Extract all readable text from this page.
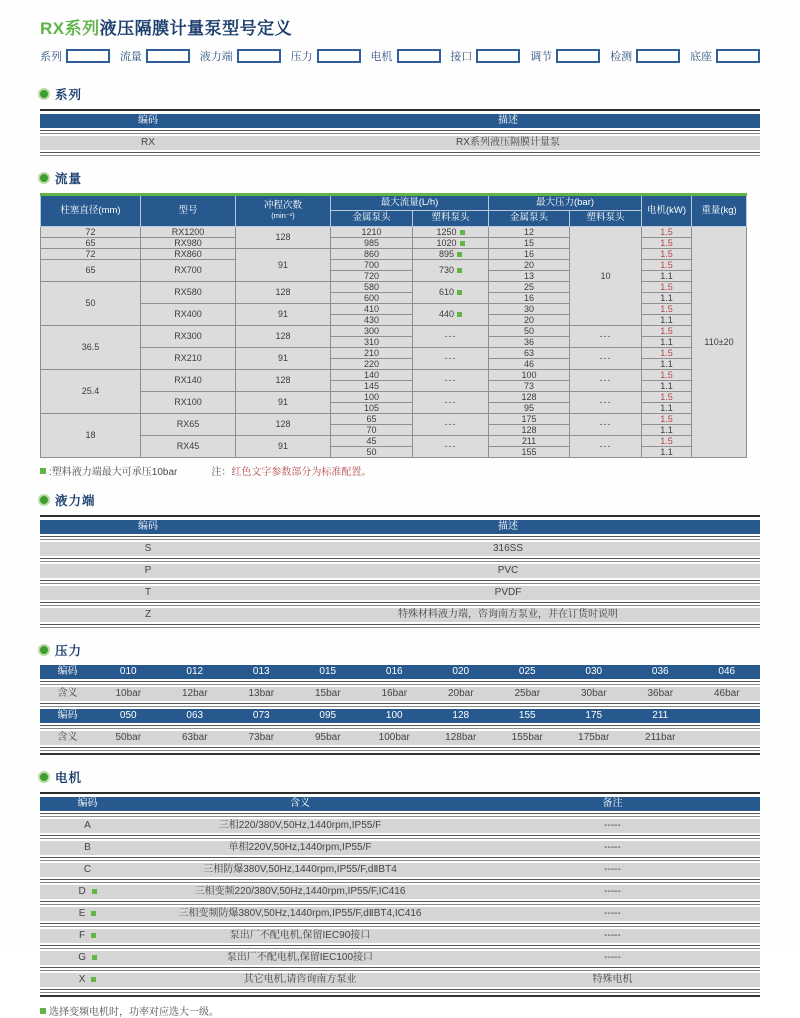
RX系列液压隔膜计量泵型号定义
系列	流量	液力端	压力	电机	接口	调节	检测	底座
系列
编码	描述
RX	RX系列液压隔膜计量泵
流量
柱塞直径(mm)	型号	冲程次数
(min⁻¹)	最大流量(L/h)		最大压力(bar)		电机(kW)	重量(kg)
			金属泵头	塑料泵头	金属泵头	塑料泵头		
72	RX1200	128	1210	1250	12	10	1.5	110±20
65	RX980		985	1020	15		1.5	
72	RX860	91	860	895	16		1.5	
65	RX700		700	730	20		1.5	
			720		13		1.1	
50	RX580	128	580	610	25		1.5	
			600		16		1.1	
	RX400	91	410	440	30		1.5	
			430		20		1.1	
36.5	RX300	128	300	---	50	---	1.5	
			310		36		1.1	
	RX210	91	210	---	63	---	1.5	
			220		46		1.1	
25.4	RX140	128	140	---	100	---	1.5	
			145		73		1.1	
	RX100	91	100	---	128	---	1.5	
			105		95		1.1	
18	RX65	128	65	---	175	---	1.5	
			70		128		1.1	
	RX45	91	45	---	211	---	1.5	
			50		155		1.1	
:塑料液力端最大可承压10bar	注： 红色文字参数部分为标准配置。
液力端
编码	描述
S	316SS
P	PVC
T	PVDF
Z	特殊材料液力端，咨询南方泵业，并在订货时说明
压力
编码	010	012	013	015	016	020	025	030	036	046
含义	10bar	12bar	13bar	15bar	16bar	20bar	25bar	30bar	36bar	46bar
编码	050	063	073	095	100	128	155	175	211
含义	50bar	63bar	73bar	95bar	100bar	128bar	155bar	175bar	211bar
电机
编码	含义	备注
A	三相220/380V,50Hz,1440rpm,IP55/F	-----
B	单相220V,50Hz,1440rpm,IP55/F	-----
C	三相防爆380V,50Hz,1440rpm,IP55/F,dⅡBT4	-----
D	三相变频220/380V,50Hz,1440rpm,IP55/F,IC416	-----
E	三相变频防爆380V,50Hz,1440rpm,IP55/F,dⅡBT4,IC416	-----
F	泵出厂不配电机,保留IEC90接口	-----
G	泵出厂不配电机,保留IEC100接口	-----
X	其它电机,请咨询南方泵业	特殊电机
选择变频电机时，功率对应选大一级。
